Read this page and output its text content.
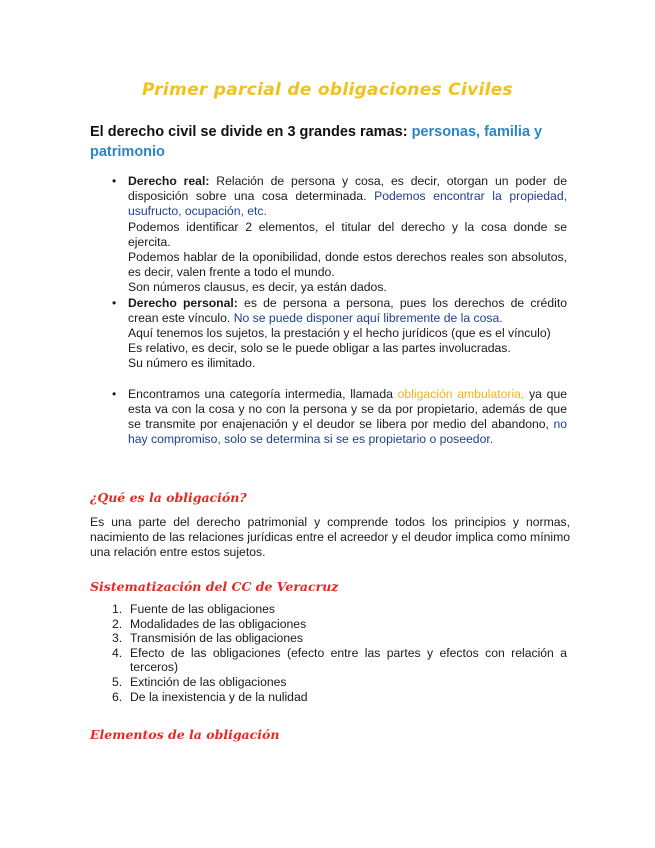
Primer parcial de obligaciones Civiles
El derecho civil se divide en 3 grandes ramas: personas, familia y patrimonio
• Derecho real: Relación de persona y cosa, es decir, otorgan un poder de disposición sobre una cosa determinada. Podemos encontrar la propiedad, usufructo, ocupación, etc.
Podemos identificar 2 elementos, el titular del derecho y la cosa donde se ejercita.
Podemos hablar de la oponibilidad, donde estos derechos reales son absolutos, es decir, valen frente a todo el mundo.
Son números clausus, es decir, ya están dados.
• Derecho personal: es de persona a persona, pues los derechos de crédito crean este vínculo. No se puede disponer aquí libremente de la cosa.
Aquí tenemos los sujetos, la prestación y el hecho jurídicos (que es el vínculo)
Es relativo, es decir, solo se le puede obligar a las partes involucradas.
Su número es ilimitado.
• Encontramos una categoría intermedia, llamada obligación ambulatoria, ya que esta va con la cosa y no con la persona y se da por propietario, además de que se transmite por enajenación y el deudor se libera por medio del abandono, no hay compromiso, solo se determina si se es propietario o poseedor.
¿Qué es la obligación?
Es una parte del derecho patrimonial y comprende todos los principios y normas, nacimiento de las relaciones jurídicas entre el acreedor y el deudor implica como mínimo una relación entre estos sujetos.
Sistematización del CC de Veracruz
1. Fuente de las obligaciones
2. Modalidades de las obligaciones
3. Transmisión de las obligaciones
4. Efecto de las obligaciones (efecto entre las partes y efectos con relación a terceros)
5. Extinción de las obligaciones
6. De la inexistencia y de la nulidad
Elementos de la obligación
